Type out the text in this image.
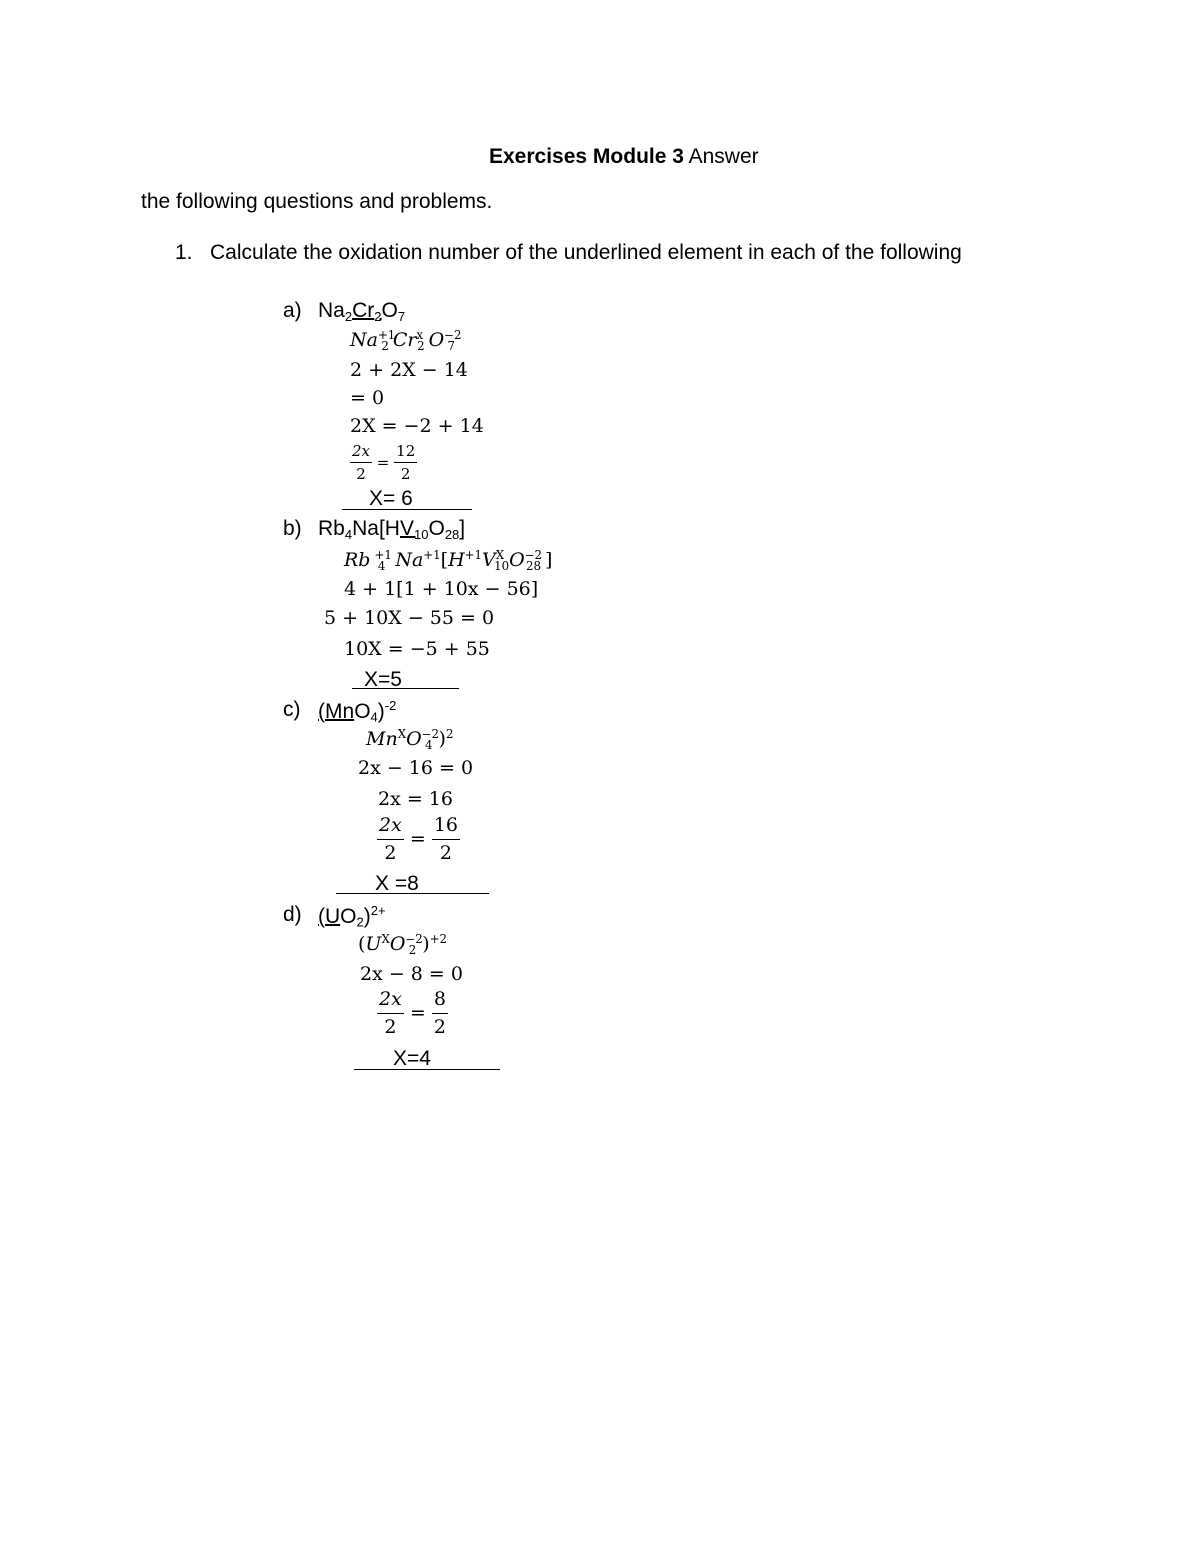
Exercises Module 3 Answer
the following questions and problems.
1. Calculate the oxidation number of the underlined element in each of the following
a) $Na_2Cr_2O_7$
$Na^{+1}_2$ $Cr^x_2$ $O^{-2}_7$
2 + 2X − 14
= 0
2X = −2 + 14
$\frac{2x}{2} = \frac{12}{2}$
X= 6
b) $Rb_4Na[HV_{10}O_{28}]$
Rb $^{+1}_4$ $Na^{+1}[H^{+1}V^X_{10}O^{-2}_{28}$ ]
4 + 1[1 + 10x − 56]
5 + 10X − 55 = 0
10X = −5 + 55
X=5
c) $(MnO_4)^{-2}$
$Mn^XO^{-2}_4$ )$^2$
2x − 16 = 0
2x = 16
$\frac{2x}{2} = \frac{16}{2}$
X =8
d) $(UO_2)^{2+}$
($U^XO^{-2}_2$ )$^{+2}$
2x − 8 = 0
$\frac{2x}{2} = \frac{8}{2}$
X=4
